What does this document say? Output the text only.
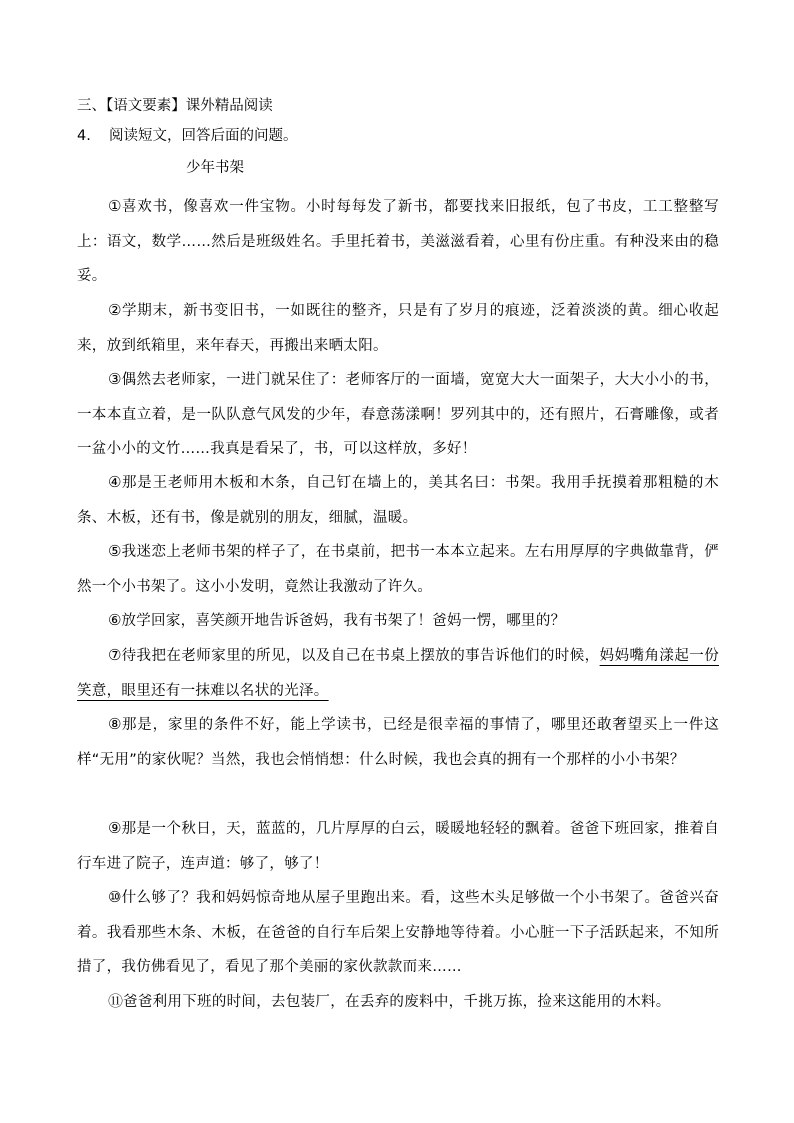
三、【语文要素】课外精品阅读
4. 阅读短文，回答后面的问题。
少年书架

①喜欢书，像喜欢一件宝物。小时每每发了新书，都要找来旧报纸，包了书皮，工工整整写上：语文，数学……然后是班级姓名。手里托着书，美滋滋看着，心里有份庄重。有种没来由的稳妥。

②学期末，新书变旧书，一如既往的整齐，只是有了岁月的痕迹，泛着淡淡的黄。细心收起来，放到纸箱里，来年春天，再搬出来晒太阳。

③偶然去老师家，一进门就呆住了：老师客厅的一面墙，宽宽大大一面架子，大大小小的书，一本本直立着，是一队队意气风发的少年，春意荡漾啊！罗列其中的，还有照片，石膏雕像，或者一盆小小的文竹……我真是看呆了，书，可以这样放，多好！

④那是王老师用木板和木条，自己钉在墙上的，美其名曰：书架。我用手抚摸着那粗糙的木条、木板，还有书，像是就别的朋友，细腻，温暖。

⑤我迷恋上老师书架的样子了，在书桌前，把书一本本立起来。左右用厚厚的字典做靠背，俨然一个小书架了。这小小发明，竟然让我激动了许久。

⑥放学回家，喜笑颜开地告诉爸妈，我有书架了！爸妈一愣，哪里的？

⑦待我把在老师家里的所见，以及自己在书桌上摆放的事告诉他们的时候，妈妈嘴角漾起一份笑意，眼里还有一抹难以名状的光泽。

⑧那是，家里的条件不好，能上学读书，已经是很幸福的事情了，哪里还敢奢望买上一件这样“无用”的家伙呢？当然，我也会悄悄想：什么时候，我也会真的拥有一个那样的小小书架？

⑨那是一个秋日，天，蓝蓝的，几片厚厚的白云，暖暖地轻轻的飘着。爸爸下班回家，推着自行车进了院子，连声道：够了，够了！

⑩什么够了？我和妈妈惊奇地从屋子里跑出来。看，这些木头足够做一个小书架了。爸爸兴奋着。我看那些木条、木板，在爸爸的自行车后架上安静地等待着。小心脏一下子活跃起来，不知所措了，我仿佛看见了，看见了那个美丽的家伙款款而来……

⑪爸爸利用下班的时间，去包装厂，在丢弃的废料中，千挑万拣，捡来这能用的木料。
